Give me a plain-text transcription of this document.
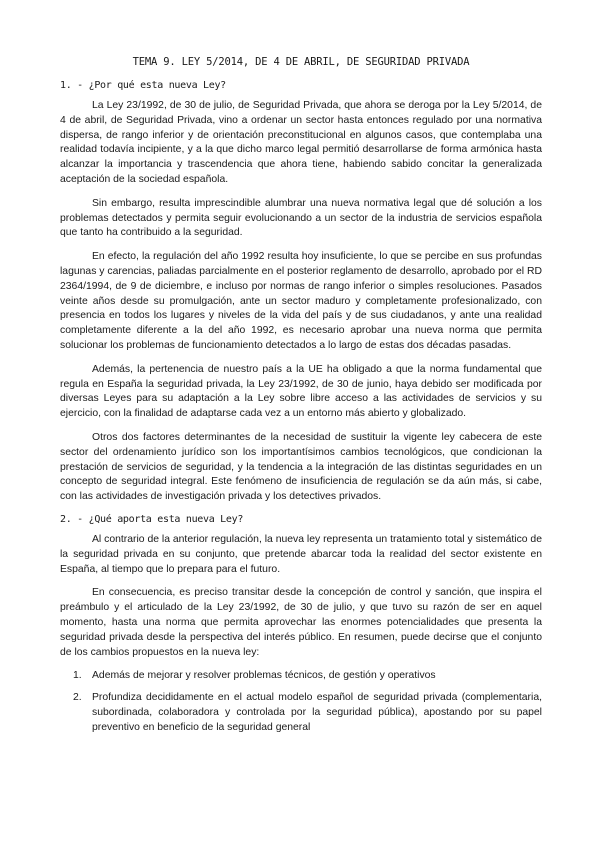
TEMA 9. LEY 5/2014, DE 4 DE ABRIL, DE SEGURIDAD PRIVADA
1. - ¿Por qué esta nueva Ley?

La Ley 23/1992, de 30 de julio, de Seguridad Privada, que ahora se deroga por la Ley 5/2014, de 4 de abril, de Seguridad Privada, vino a ordenar un sector hasta entonces regulado por una normativa dispersa, de rango inferior y de orientación preconstitucional en algunos casos, que contemplaba una realidad todavía incipiente, y a la que dicho marco legal permitió desarrollarse de forma armónica hasta alcanzar la importancia y trascendencia que ahora tiene, habiendo sabido concitar la generalizada aceptación de la sociedad española.

Sin embargo, resulta imprescindible alumbrar una nueva normativa legal que dé solución a los problemas detectados y permita seguir evolucionando a un sector de la industria de servicios española que tanto ha contribuido a la seguridad.

En efecto, la regulación del año 1992 resulta hoy insuficiente, lo que se percibe en sus profundas lagunas y carencias, paliadas parcialmente en el posterior reglamento de desarrollo, aprobado por el RD 2364/1994, de 9 de diciembre, e incluso por normas de rango inferior o simples resoluciones. Pasados veinte años desde su promulgación, ante un sector maduro y completamente profesionalizado, con presencia en todos los lugares y niveles de la vida del país y de sus ciudadanos, y ante una realidad completamente diferente a la del año 1992, es necesario aprobar una nueva norma que permita solucionar los problemas de funcionamiento detectados a lo largo de estas dos décadas pasadas.

Además, la pertenencia de nuestro país a la UE ha obligado a que la norma fundamental que regula en España la seguridad privada, la Ley 23/1992, de 30 de junio, haya debido ser modificada por diversas Leyes para su adaptación a la Ley sobre libre acceso a las actividades de servicios y su ejercicio, con la finalidad de adaptarse cada vez a un entorno más abierto y globalizado.

Otros dos factores determinantes de la necesidad de sustituir la vigente ley cabecera de este sector del ordenamiento jurídico son los importantísimos cambios tecnológicos, que condicionan la prestación de servicios de seguridad, y la tendencia a la integración de las distintas seguridades en un concepto de seguridad integral. Este fenómeno de insuficiencia de regulación se da aún más, si cabe, con las actividades de investigación privada y los detectives privados.

2. - ¿Qué aporta esta nueva Ley?

Al contrario de la anterior regulación, la nueva ley representa un tratamiento total y sistemático de la seguridad privada en su conjunto, que pretende abarcar toda la realidad del sector existente en España, al tiempo que lo prepara para el futuro.

En consecuencia, es preciso transitar desde la concepción de control y sanción, que inspira el preámbulo y el articulado de la Ley 23/1992, de 30 de julio, y que tuvo su razón de ser en aquel momento, hasta una norma que permita aprovechar las enormes potencialidades que presenta la seguridad privada desde la perspectiva del interés público. En resumen, puede decirse que el conjunto de los cambios propuestos en la nueva ley:

1. Además de mejorar y resolver problemas técnicos, de gestión y operativos
2. Profundiza decididamente en el actual modelo español de seguridad privada (complementaria, subordinada, colaboradora y controlada por la seguridad pública), apostando por su papel preventivo en beneficio de la seguridad general
